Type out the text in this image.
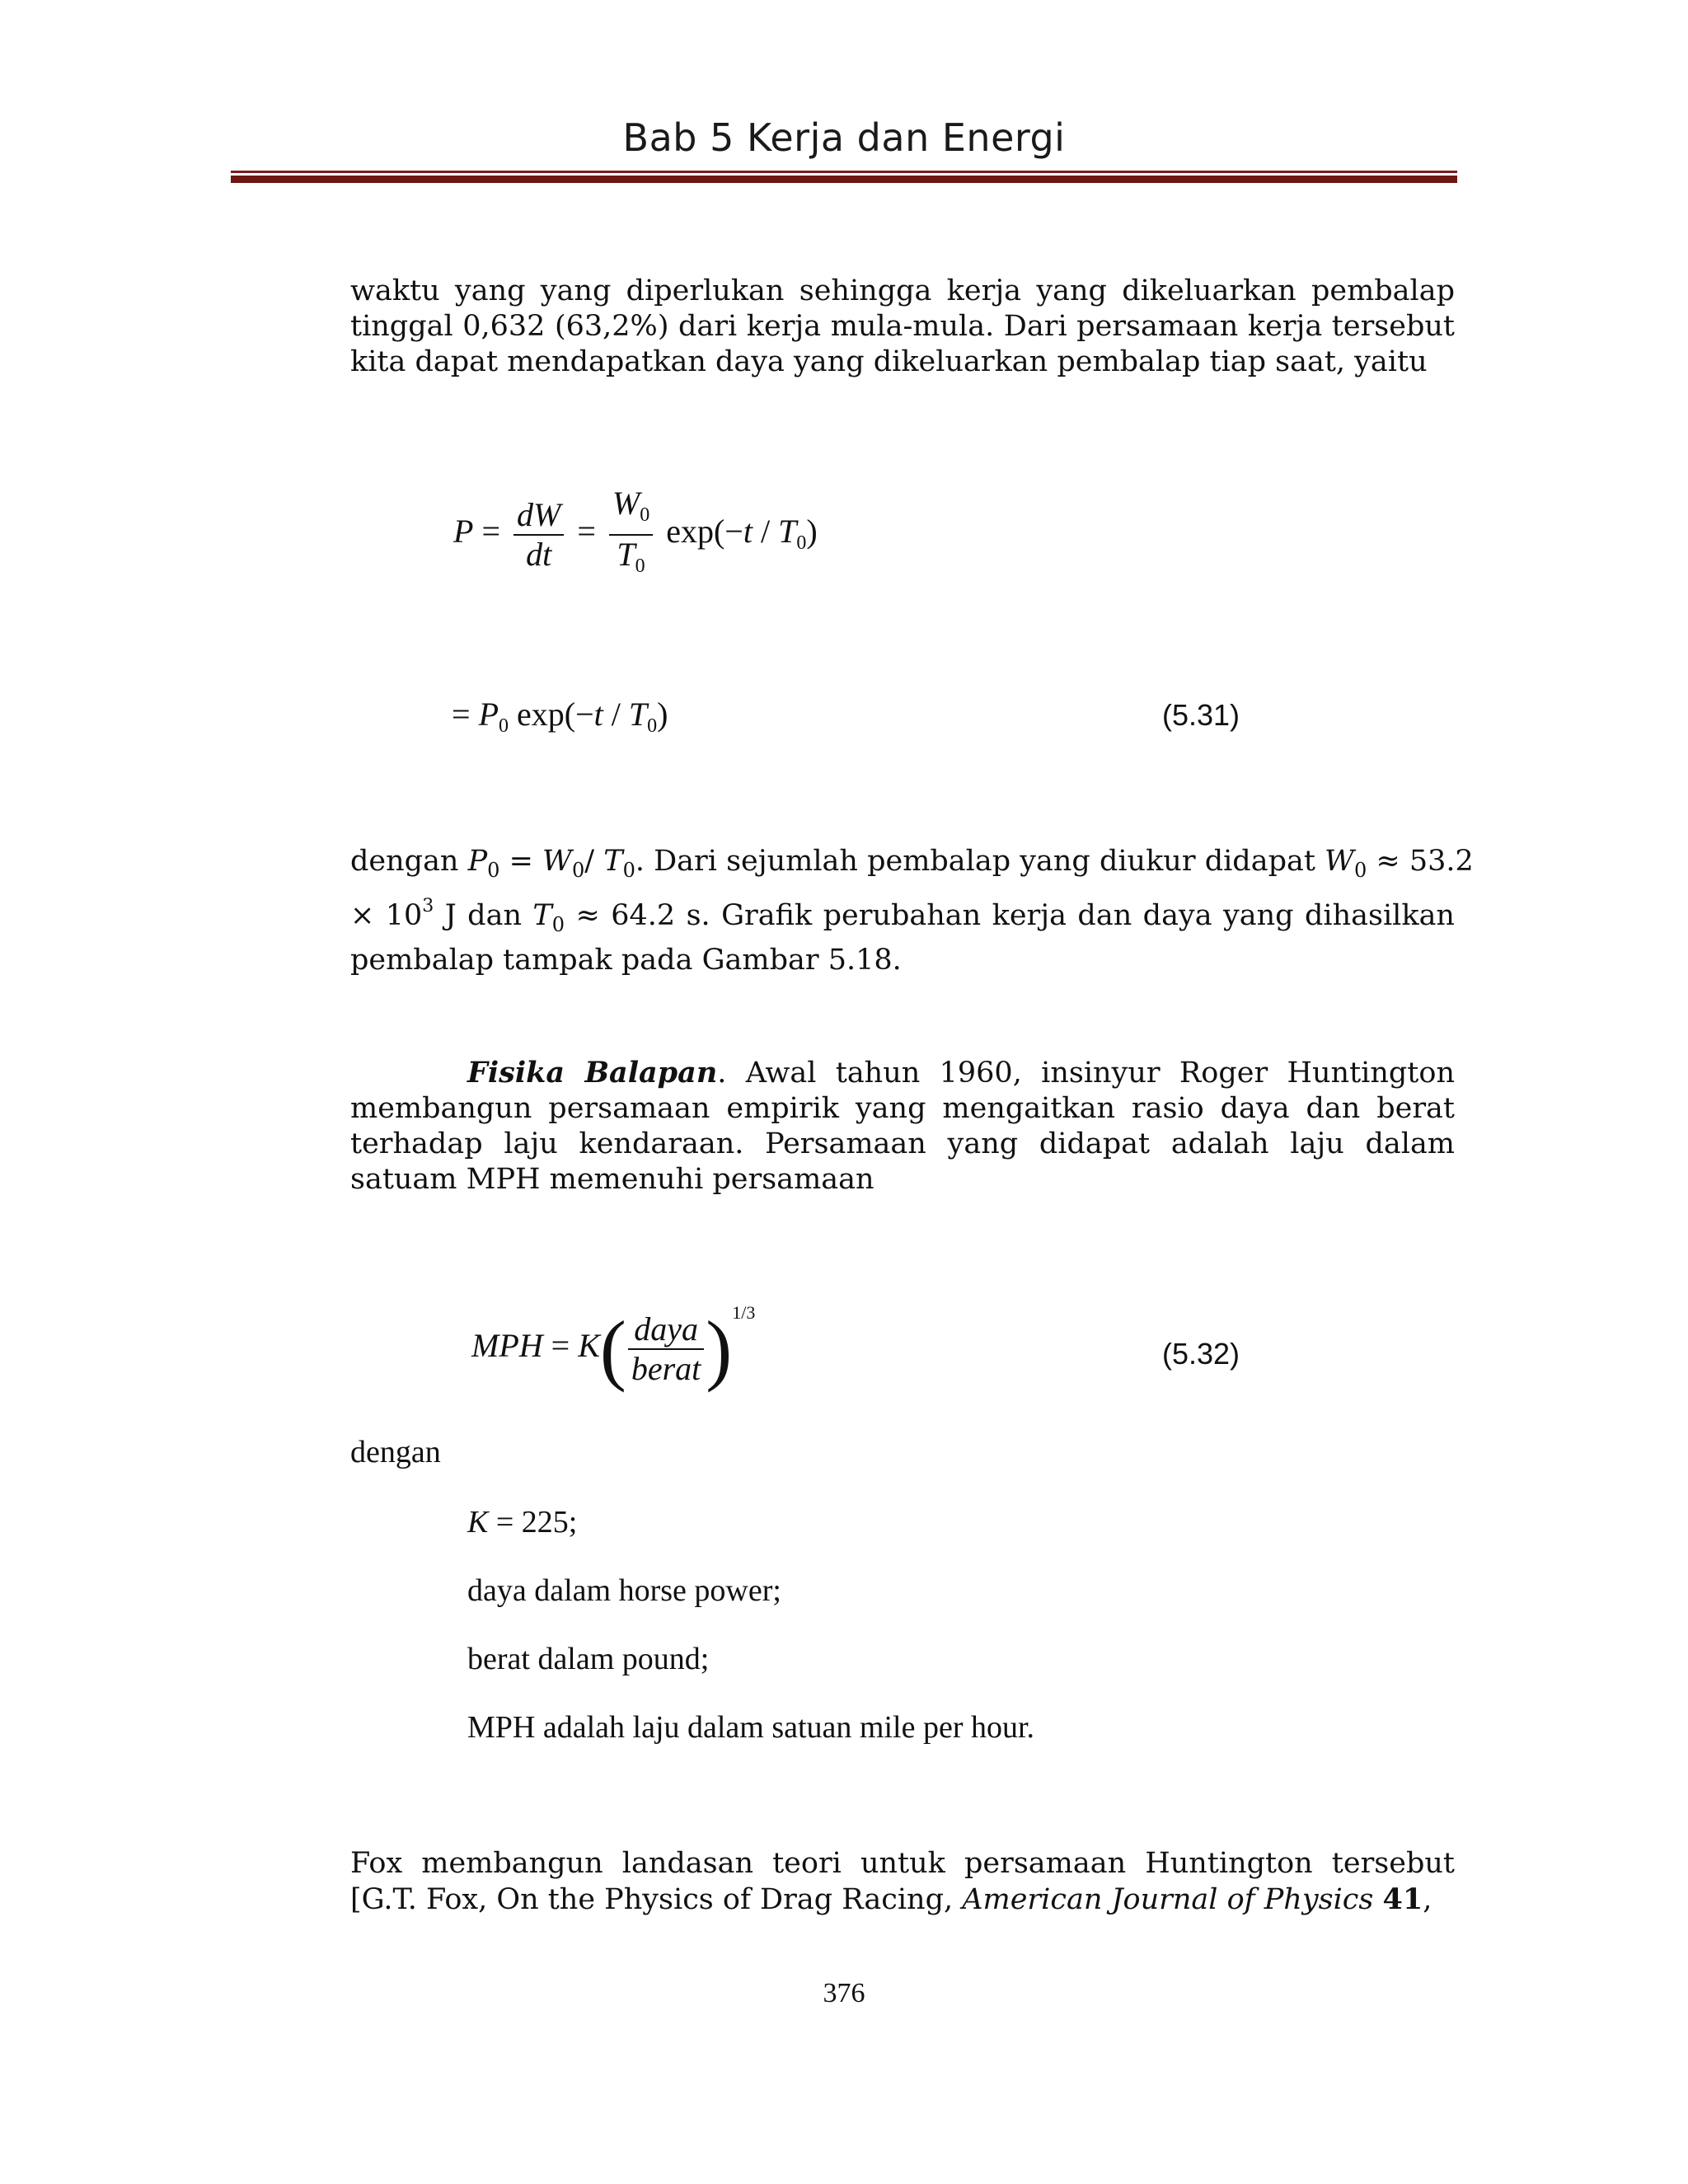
Bab 5 Kerja dan Energi
waktu yang yang diperlukan sehingga kerja yang dikeluarkan pembalap
tinggal 0,632 (63,2%) dari kerja mula-mula. Dari persamaan kerja tersebut
kita dapat mendapatkan daya yang dikeluarkan pembalap tiap saat, yaitu
$P = \frac{dW}{dt} = \frac{W_0}{T_0} \exp(-t / T_0)$
= $P_0$ $\exp(-t / T_0)$	(5.31)
dengan $P_0 = W_0/$ $T_0$. Dari sejumlah pembalap yang diukur didapat $W_0 \approx 53.2$
× $10^3$ J dan $T_0 \approx 64.2$ s. Grafik perubahan kerja dan daya yang dihasilkan
pembalap tampak pada Gambar 5.18.
Fisika Balapan. Awal tahun 1960, insinyur Roger Huntington
membangun persamaan empirik yang mengaitkan rasio daya dan berat
terhadap laju kendaraan. Persamaan yang didapat adalah laju dalam
satuam MPH memenuhi persamaan
MPH = $K( \frac{\text{daya}}{\text{berat}} )^{1/3}$
(5.32)
dengan
K = 225;
daya dalam horse power;
berat dalam pound;
MPH adalah laju dalam satuan mile per hour.
Fox membangun landasan teori untuk persamaan Huntington tersebut
[G.T. Fox, On the Physics of Drag Racing, American Journal of Physics 41,
376
